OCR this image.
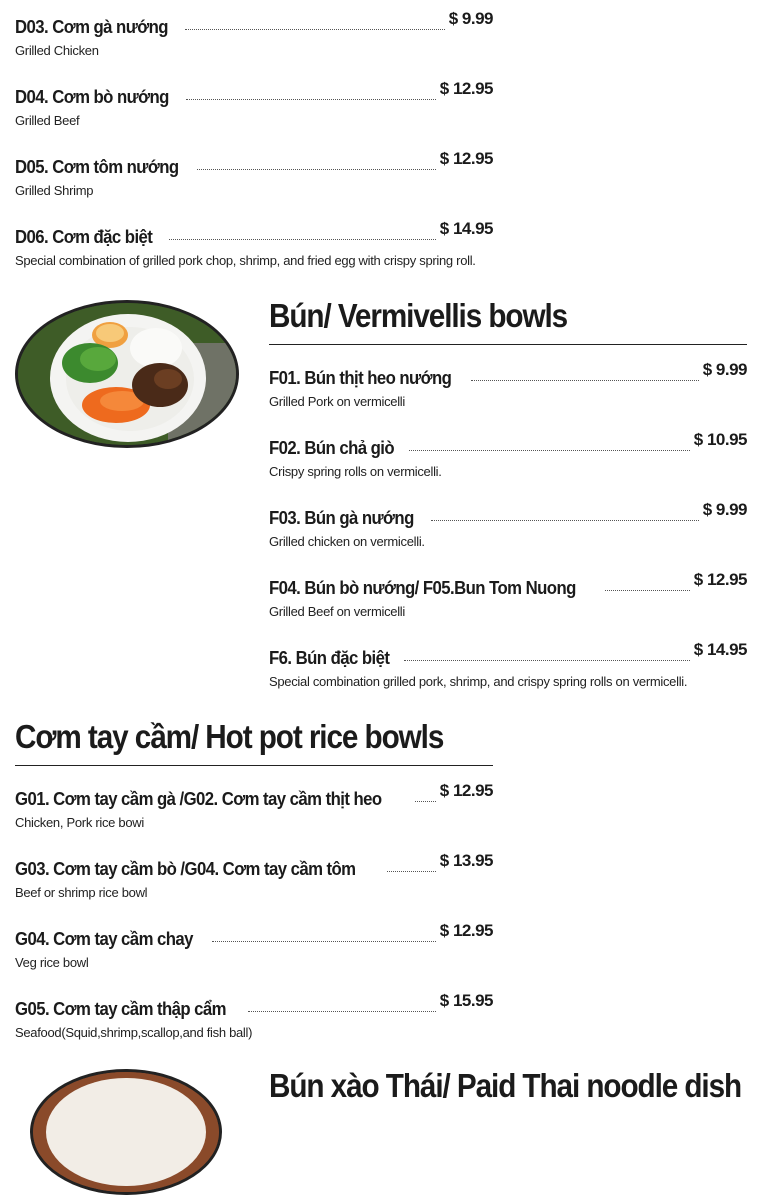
D03. Cơm gà nướng	$ 9.99
Grilled Chicken
D04. Cơm bò nướng	$ 12.95
Grilled Beef
D05. Cơm tôm nướng	$ 12.95
Grilled Shrimp
D06. Cơm đặc biệt	$ 14.95
Special combination of grilled pork chop, shrimp, and fried egg with crispy spring roll.
Bún/ Vermivellis bowls
F01. Bún thịt heo nướng	$ 9.99
Grilled Pork on vermicelli
F02. Bún chả giò	$ 10.95
Crispy spring rolls on vermicelli.
F03. Bún gà nướng	$ 9.99
Grilled chicken on vermicelli.
F04. Bún bò nướng/ F05.Bun Tom Nuong	$ 12.95
Grilled Beef on vermicelli
F6. Bún đặc biệt	$ 14.95
Special combination grilled pork, shrimp, and crispy spring rolls on vermicelli.
Cơm tay cầm/ Hot pot rice bowls
G01. Cơm tay cầm gà /G02. Cơm tay cầm thịt heo	$ 12.95
Chicken, Pork rice bowi
G03. Cơm tay cầm bò /G04. Cơm tay cầm tôm	$ 13.95
Beef or shrimp rice bowl
G04. Cơm tay cầm chay	$ 12.95
Veg rice bowl
G05. Cơm tay cầm thập cẩm	$ 15.95
Seafood(Squid,shrimp,scallop,and fish ball)
Bún xào Thái/ Paid Thai noodle dish
